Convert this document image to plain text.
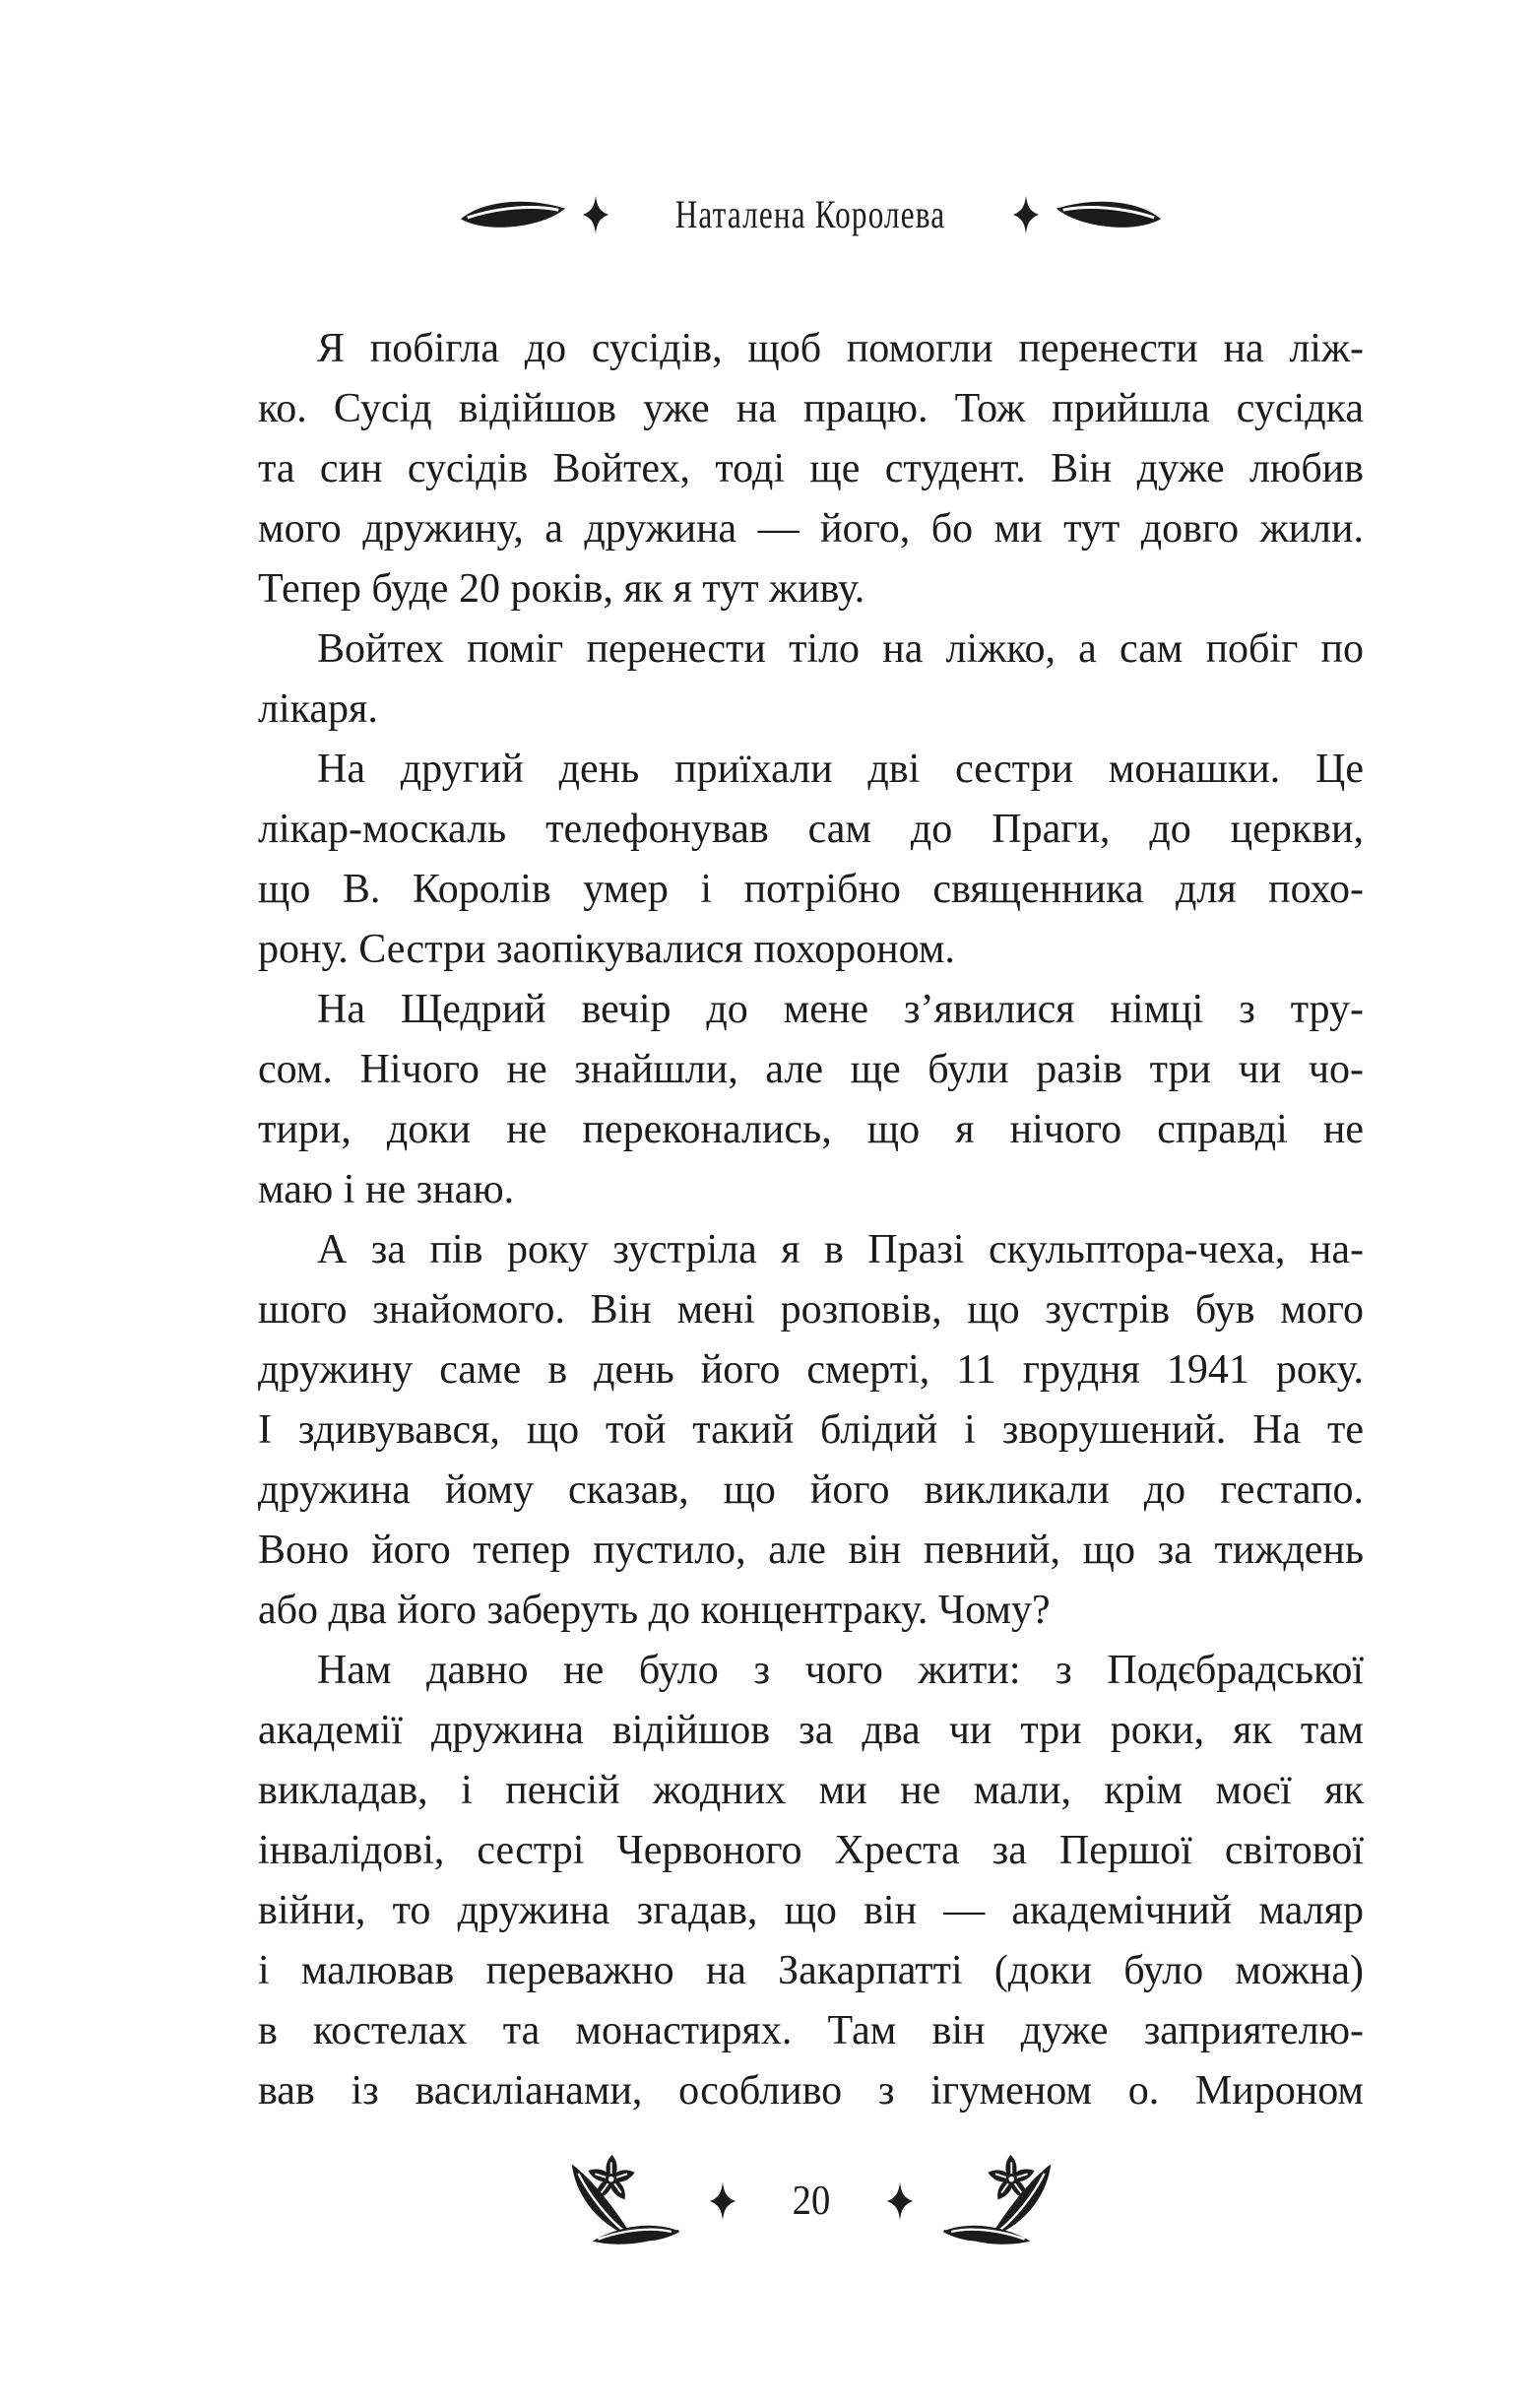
Наталена Королева
Я побігла до сусідів, щоб помогли перенести на ліж-
ко. Сусід відійшов уже на працю. Тож прийшла сусідка
та син сусідів Войтех, тоді ще студент. Він дуже любив
мого дружину, а дружина — його, бо ми тут довго жили.
Тепер буде 20 років, як я тут живу.
Войтех поміг перенести тіло на ліжко, а сам побіг по
лікаря.
На другий день приїхали дві сестри монашки. Це
лікар-москаль телефонував сам до Праги, до церкви,
що В. Королів умер і потрібно священника для похо-
рону. Сестри заопікувалися похороном.
На Щедрий вечір до мене з’явилися німці з тру-
сом. Нічого не знайшли, але ще були разів три чи чо-
тири, доки не переконались, що я нічого справді не
маю і не знаю.
А за пів року зустріла я в Празі скульптора-чеха, на-
шого знайомого. Він мені розповів, що зустрів був мого
дружину саме в день його смерті, 11 грудня 1941 року.
І здивувався, що той такий блідий і зворушений. На те
дружина йому сказав, що його викликали до гестапо.
Воно його тепер пустило, але він певний, що за тиждень
або два його заберуть до концентраку. Чому?
Нам давно не було з чого жити: з Подєбрадської
академії дружина відійшов за два чи три роки, як там
викладав, і пенсій жодних ми не мали, крім моєї як
інвалідові, сестрі Червоного Хреста за Першої світової
війни, то дружина згадав, що він — академічний маляр
і малював переважно на Закарпатті (доки було можна)
в костелах та монастирях. Там він дуже заприятелю-
вав із василіанами, особливо з ігуменом о. Мироном
20
